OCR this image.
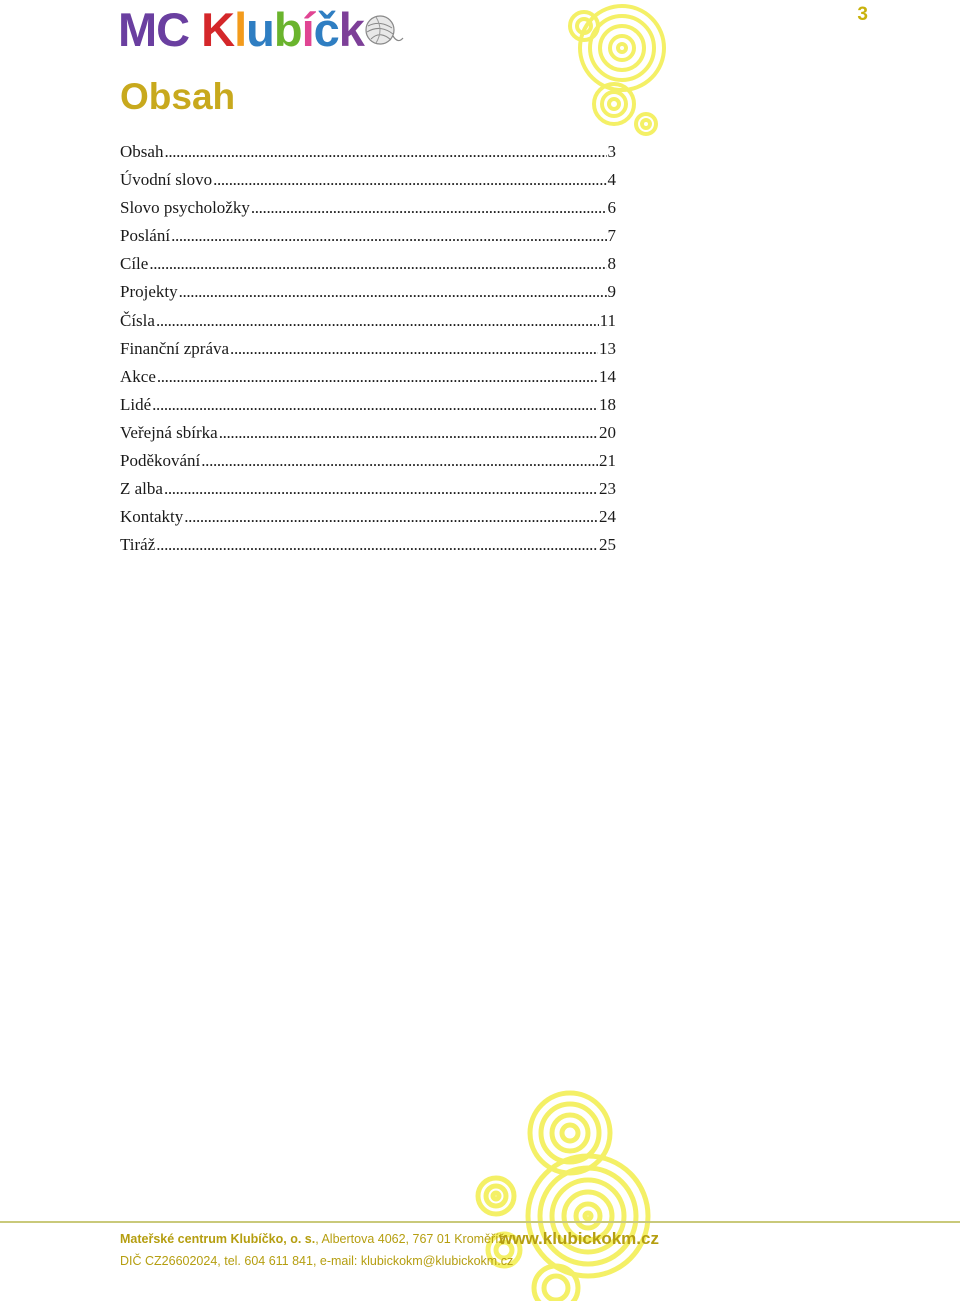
3
MC Klubíčk
Obsah
Obsah . . .	3
Úvodní slovo . . .	4
Slovo psycholožky . . .	6
Poslání . . .	7
Cíle . . .	8
Projekty . . .	9
Čísla . . .	11
Finanční zpráva . . .	13
Akce . . .	14
Lidé . . .	18
Veřejná sbírka . . .	20
Poděkování . . .	21
Z alba . . .	23
Kontakty . . .	24
Tiráž . . .	25
Mateřské centrum Klubíčko, o. s., Albertova 4062, 767 01 Kroměříž
DIČ CZ26602024, tel. 604 611 841, e-mail: klubickokm@klubickokm.cz
www.klubickokm.cz
